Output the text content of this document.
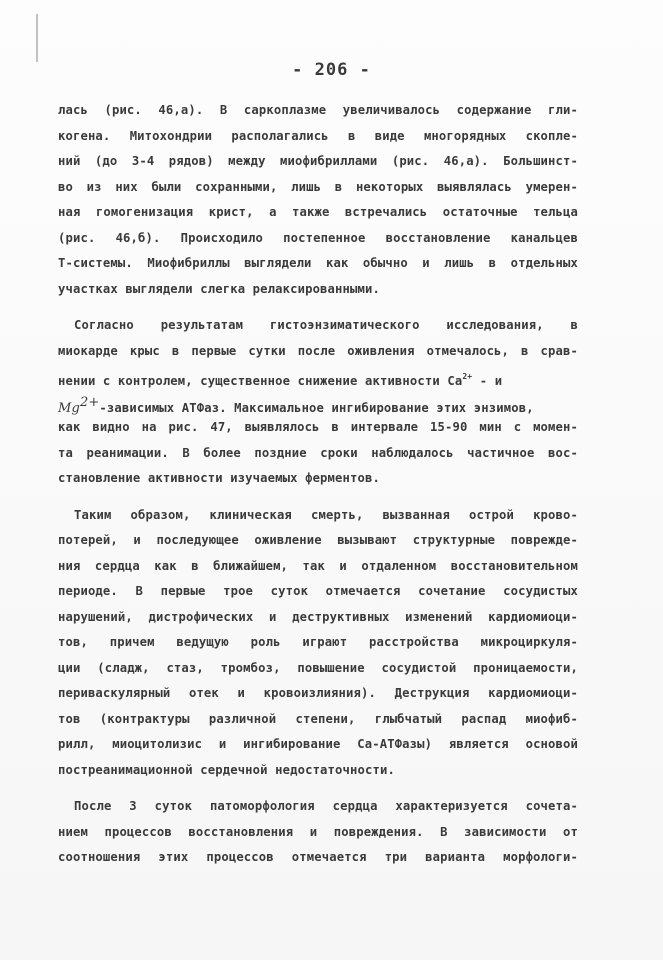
- 206 -
лась (рис. 46,а). В саркоплазме увеличивалось содержание гли-
когена. Митохондрии располагались в виде многорядных скопле-
ний (до 3-4 рядов) между миофибриллами (рис. 46,а). Большинст-
во из них были сохранными, лишь в некоторых выявлялась умерен-
ная гомогенизация крист, а также встречались остаточные тельца
(рис. 46,б). Происходило постепенное восстановление канальцев
Т-системы. Миофибриллы выглядели как обычно и лишь в отдельных
участках выглядели слегка релаксированными.
Согласно результатам гистоэнзиматического исследования, в
миокарде крыс в первые сутки после оживления отмечалось, в срав-
нении с контролем, существенное снижение активности $Ca^{2+}$ - и
$Mg^{2+}$-зависимых АТФаз. Максимальное ингибирование этих энзимов,
как видно на рис. 47, выявлялось в интервале 15-90 мин с момен-
та реанимации. В более поздние сроки наблюдалось частичное вос-
становление активности изучаемых ферментов.
Таким образом, клиническая смерть, вызванная острой крово-
потерей, и последующее оживление вызывают структурные поврежде-
ния сердца как в ближайшем, так и отдаленном восстановительном
периоде. В первые трое суток отмечается сочетание сосудистых
нарушений, дистрофических и деструктивных изменений кардиомиоци-
тов, причем ведущую роль играют расстройства микроциркуля-
ции (сладж, стаз, тромбоз, повышение сосудистой проницаемости,
периваскулярный отек и кровоизлияния). Деструкция кардиомиоци-
тов (контрактуры различной степени, глыбчатый распад миофиб-
рилл, миоцитолизис и ингибирование Ca-АТФазы) является основой
постреанимационной сердечной недостаточности.
После 3 суток патоморфология сердца характеризуется сочета-
нием процессов восстановления и повреждения. В зависимости от
соотношения этих процессов отмечается три варианта морфологи-
